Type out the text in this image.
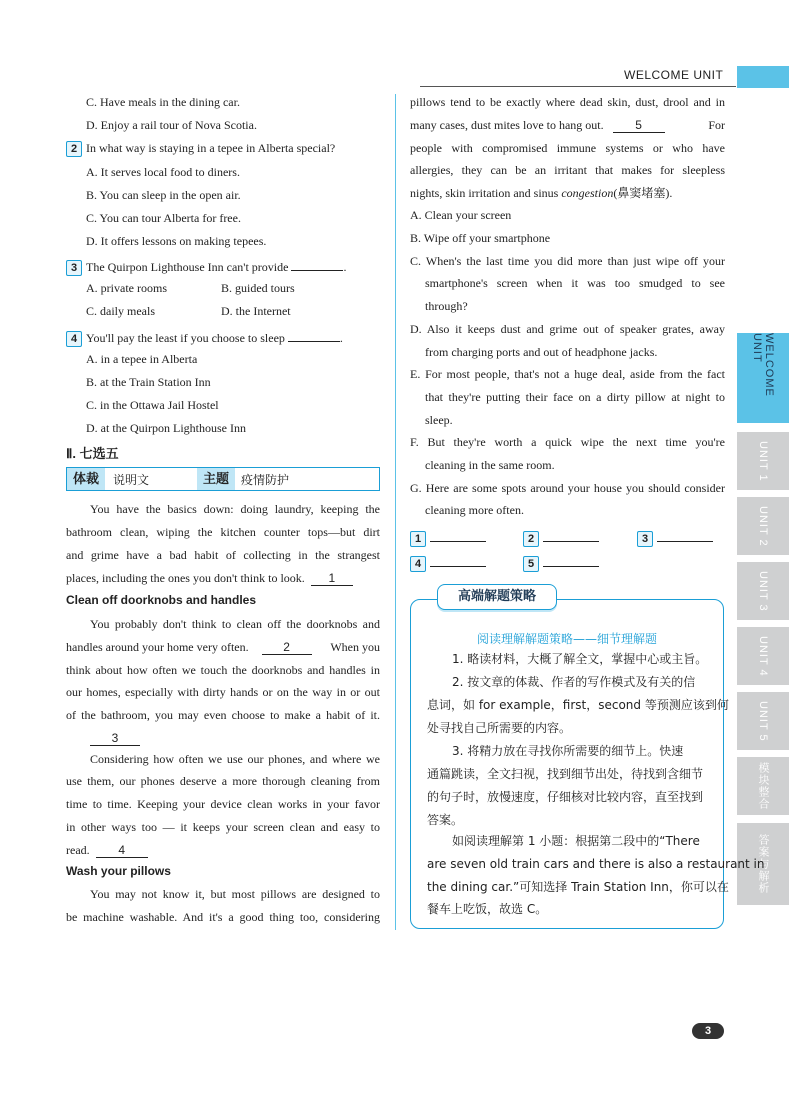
WELCOME UNIT
WELCOME UNIT
UNIT 1
UNIT 2
UNIT 3
UNIT 4
UNIT 5
模块整合
答案与解析
C. Have meals in the dining car.
D. Enjoy a rail tour of Nova Scotia.
2 In what way is staying in a tepee in Alberta special?
A. It serves local food to diners.
B. You can sleep in the open air.
C. You can tour Alberta for free.
D. It offers lessons on making tepees.
3 The Quirpon Lighthouse Inn can't provide	.
A. private rooms	B. guided tours
C. daily meals	D. the Internet
4 You'll pay the least if you choose to sleep	.
A. in a tepee in Alberta
B. at the Train Station Inn
C. in the Ottawa Jail Hostel
D. at the Quirpon Lighthouse Inn
Ⅱ. 七选五
体裁	说明文	主题	疫情防护
You have the basics down: doing laundry, keeping the
bathroom clean, wiping the kitchen counter tops—but dirt
and grime have a bad habit of collecting in the strangest
places, including the ones you don't think to look. 1
Clean off doorknobs and handles
You probably don't think to clean off the doorknobs and
handles around your home very often.	2	When you
think about how often we touch the doorknobs and handles in
our homes, especially with dirty hands or on the way in or out
of the bathroom, you may even choose to make a habit of it.
3
Considering how often we use our phones, and where we
use them, our phones deserve a more thorough cleaning from
time to time. Keeping your device clean works in your favor
in other ways too — it keeps your screen clean and easy to
read. 4
Wash your pillows
You may not know it, but most pillows are designed to
be machine washable. And it's a good thing too, considering
pillows tend to be exactly where dead skin, dust, drool and in
many cases, dust mites love to hang out.	5	For
people with compromised immune systems or who have
allergies, they can be an irritant that makes for sleepless
nights, skin irritation and sinus congestion(鼻窦堵塞).
A. Clean your screen
B. Wipe off your smartphone
C. When's the last time you did more than just wipe off your
smartphone's screen when it was too smudged to see
through?
D. Also it keeps dust and grime out of speaker grates, away
from charging ports and out of headphone jacks.
E. For most people, that's not a huge deal, aside from the fact
that they're putting their face on a dirty pillow at night to
sleep.
F. But they're worth a quick wipe the next time you're
cleaning in the same room.
G. Here are some spots around your house you should consider
cleaning more often.
1	2	3
4	5
高端解题策略
阅读理解解题策略——细节理解题
1. 略读材料，大概了解全文，掌握中心或主旨。
2. 按文章的体裁、作者的写作模式及有关的信
息词，如 for example，first，second 等预测应该到何
处寻找自己所需要的内容。
3. 将精力放在寻找你所需要的细节上。快速
通篇跳读，全文扫视，找到细节出处，待找到含细节
的句子时，放慢速度，仔细核对比较内容，直至找到
答案。
如阅读理解第 1 小题：根据第二段中的“There
are seven old train cars and there is also a restaurant in
the dining car.”可知选择 Train Station Inn，你可以在
餐车上吃饭，故选 C。
3
